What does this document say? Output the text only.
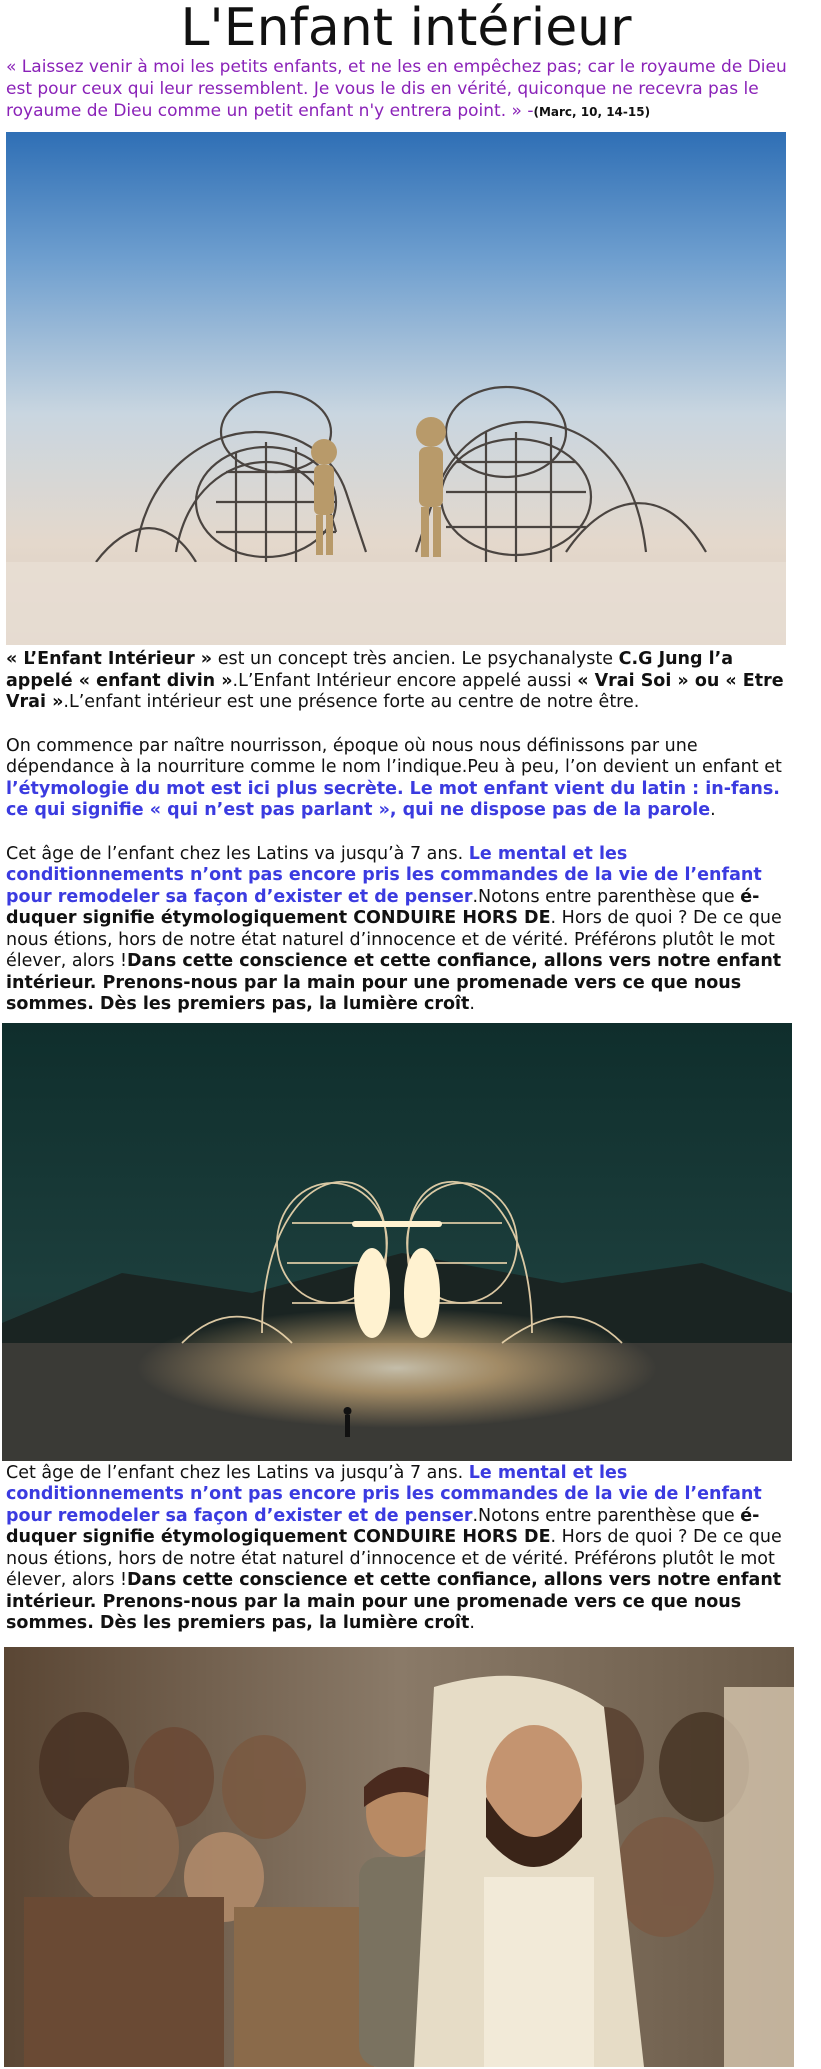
L'Enfant intérieur

« Laissez venir à moi les petits enfants, et ne les en empêchez pas; car le royaume de Dieu est pour ceux qui leur ressemblent. Je vous le dis en vérité, quiconque ne recevra pas le royaume de Dieu comme un petit enfant n'y entrera point. » -(Marc, 10, 14-15)

« L’Enfant Intérieur » est un concept très ancien. Le psychanalyste C.G Jung l’a appelé « enfant divin ».L’Enfant Intérieur encore appelé aussi « Vrai Soi » ou « Etre Vrai ».L’enfant intérieur est une présence forte au centre de notre être.

On commence par naître nourrisson, époque où nous nous définissons par une dépendance à la nourriture comme le nom l’indique.Peu à peu, l’on devient un enfant et l’étymologie du mot est ici plus secrète. Le mot enfant vient du latin : in-fans. ce qui signifie « qui n’est pas parlant », qui ne dispose pas de la parole.

Cet âge de l’enfant chez les Latins va jusqu’à 7 ans. Le mental et les conditionnements n’ont pas encore pris les commandes de la vie de l’enfant pour remodeler sa façon d’exister et de penser.Notons entre parenthèse que é-duquer signifie étymologiquement CONDUIRE HORS DE. Hors de quoi ? De ce que nous étions, hors de notre état naturel d’innocence et de vérité. Préférons plutôt le mot élever, alors !Dans cette conscience et cette confiance, allons vers notre enfant intérieur. Prenons-nous par la main pour une promenade vers ce que nous sommes. Dès les premiers pas, la lumière croît.

Cet âge de l’enfant chez les Latins va jusqu’à 7 ans. Le mental et les conditionnements n’ont pas encore pris les commandes de la vie de l’enfant pour remodeler sa façon d’exister et de penser.Notons entre parenthèse que é-duquer signifie étymologiquement CONDUIRE HORS DE. Hors de quoi ? De ce que nous étions, hors de notre état naturel d’innocence et de vérité. Préférons plutôt le mot élever, alors !Dans cette conscience et cette confiance, allons vers notre enfant intérieur. Prenons-nous par la main pour une promenade vers ce que nous sommes. Dès les premiers pas, la lumière croît.
